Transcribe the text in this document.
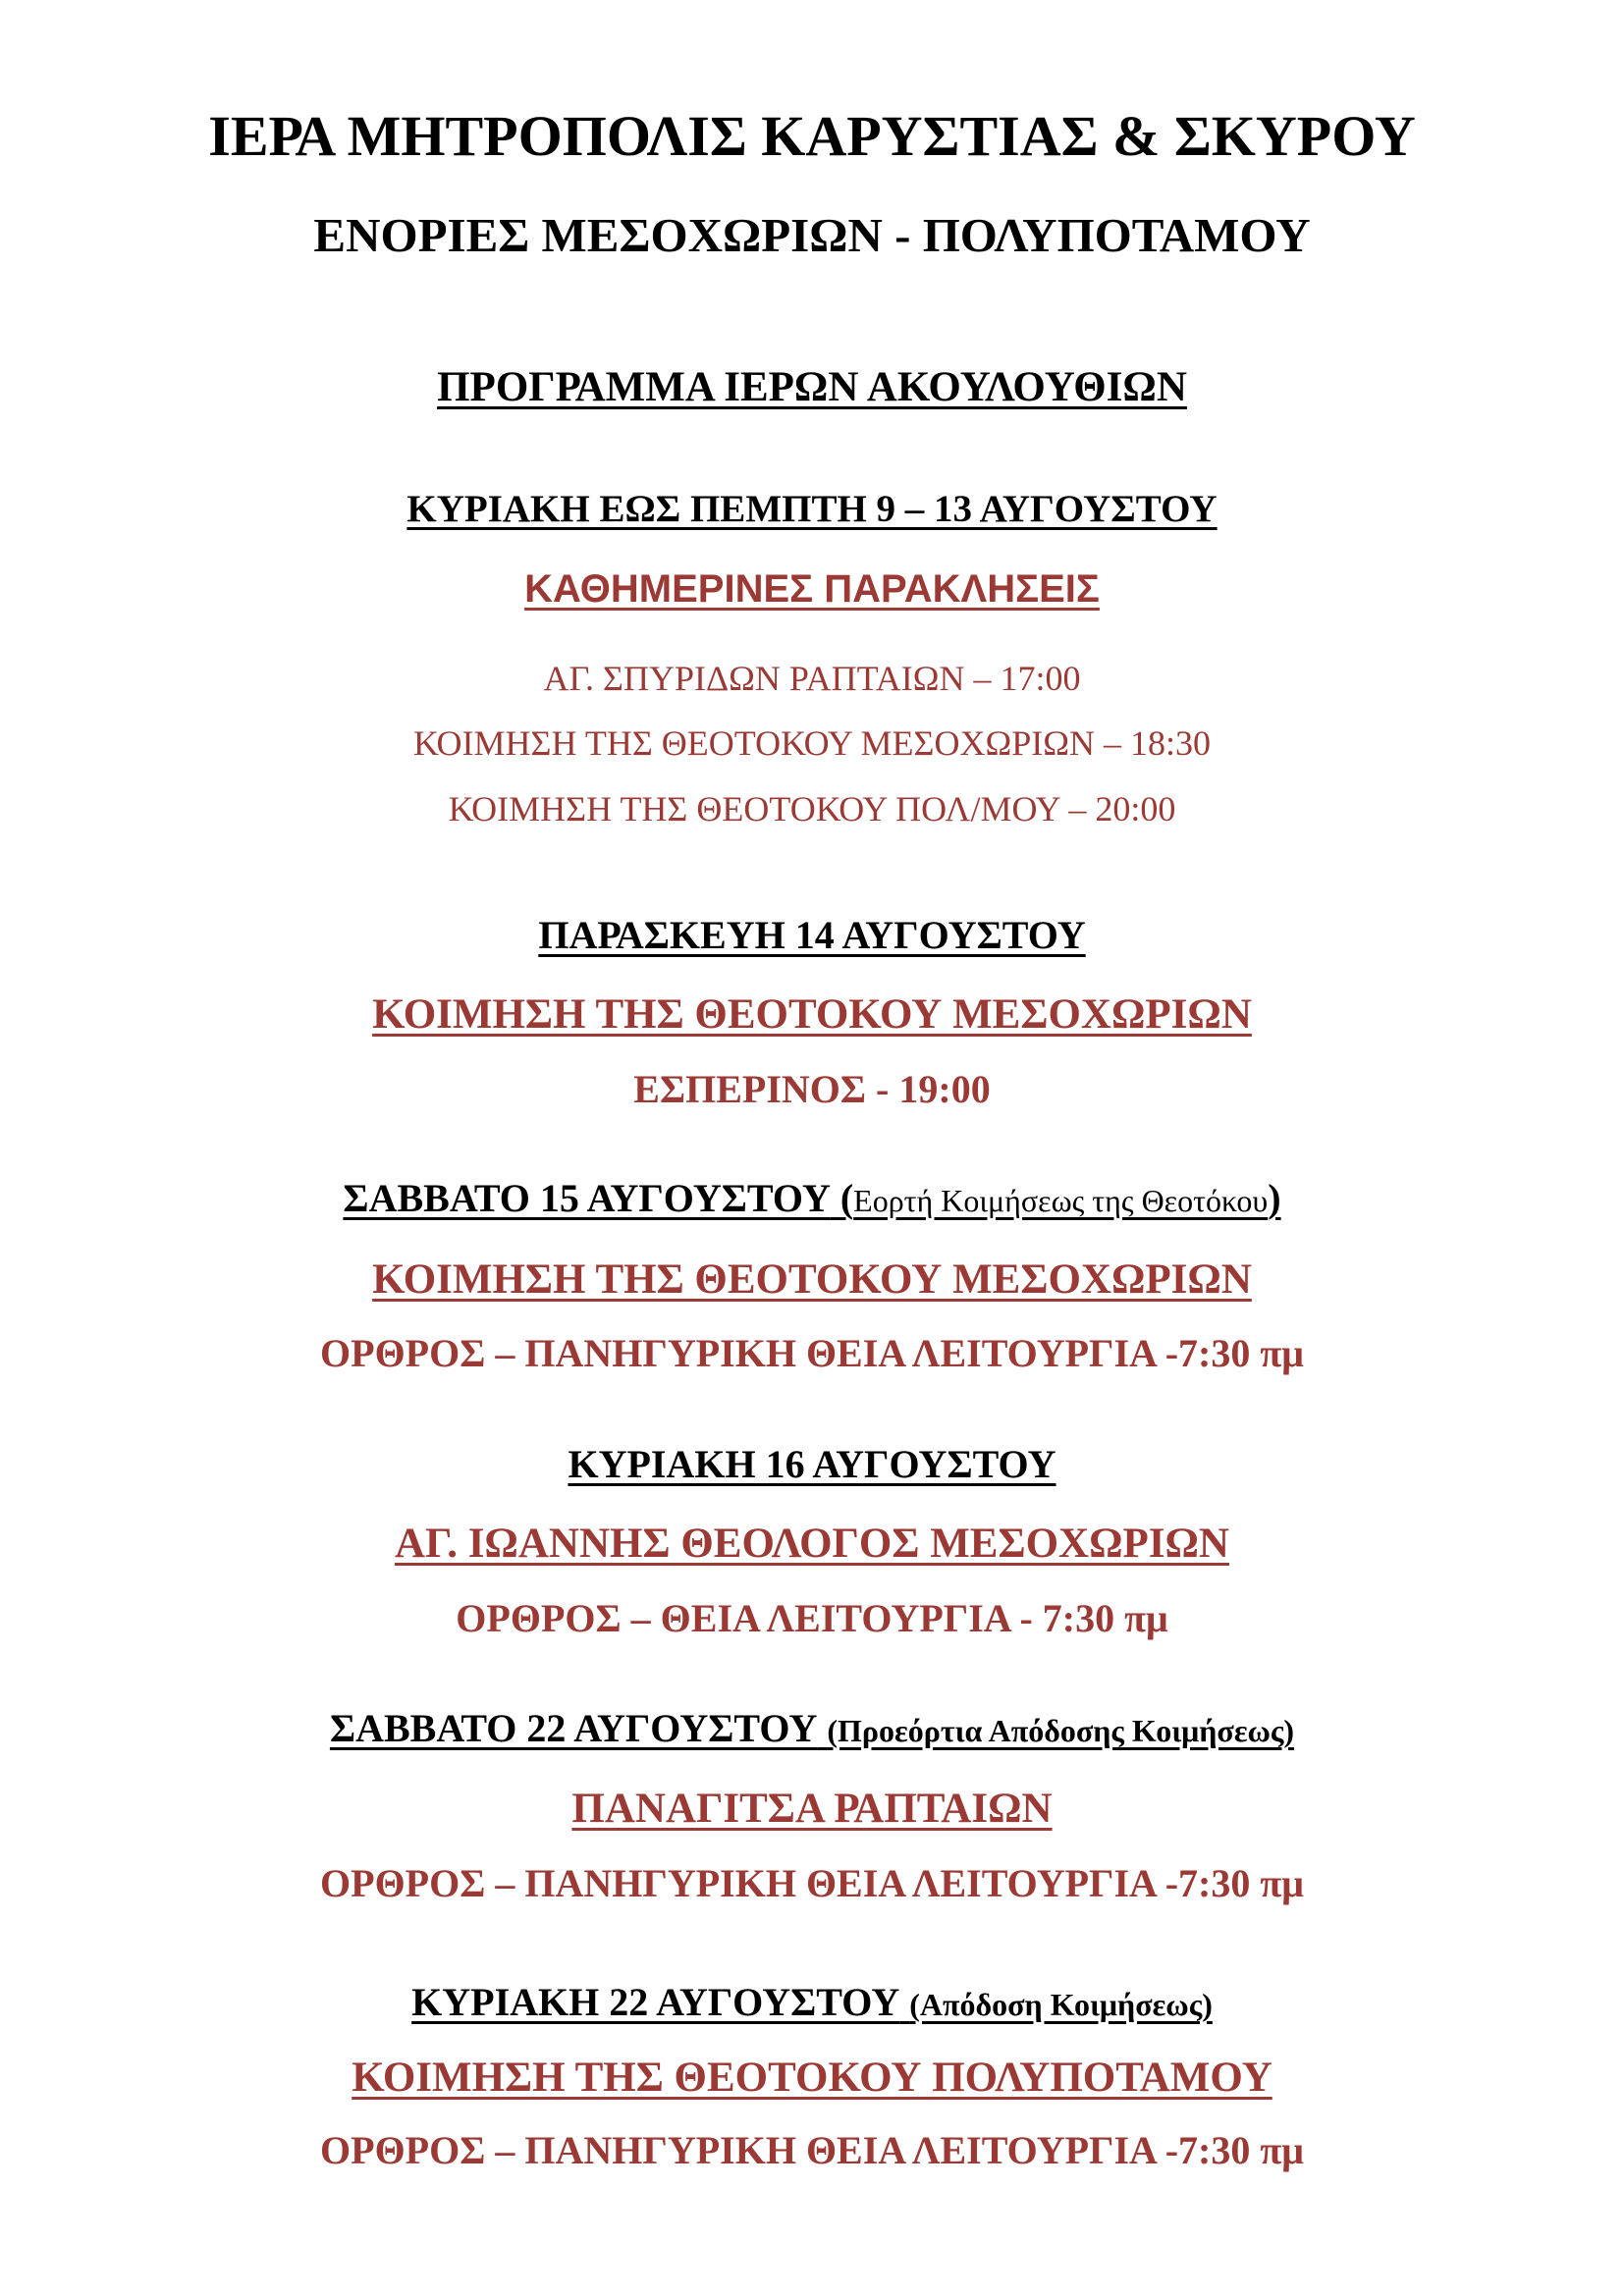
ΙΕΡΑ ΜΗΤΡΟΠΟΛΙΣ ΚΑΡΥΣΤΙΑΣ & ΣΚΥΡΟΥ
ΕΝΟΡΙΕΣ ΜΕΣΟΧΩΡΙΩΝ - ΠΟΛΥΠΟΤΑΜΟΥ
ΠΡΟΓΡΑΜΜΑ ΙΕΡΩΝ ΑΚΟΥΛΟΥΘΙΩΝ
ΚΥΡΙΑΚΗ ΕΩΣ ΠΕΜΠΤΗ 9 – 13 ΑΥΓΟΥΣΤΟΥ
ΚΑΘΗΜΕΡΙΝΕΣ ΠΑΡΑΚΛΗΣΕΙΣ
ΑΓ. ΣΠΥΡΙΔΩΝ ΡΑΠΤΑΙΩΝ – 17:00
ΚΟΙΜΗΣΗ ΤΗΣ ΘΕΟΤΟΚΟΥ ΜΕΣΟΧΩΡΙΩΝ – 18:30
ΚΟΙΜΗΣΗ ΤΗΣ ΘΕΟΤΟΚΟΥ ΠΟΛ/ΜΟΥ – 20:00
ΠΑΡΑΣΚΕΥΗ 14 ΑΥΓΟΥΣΤΟΥ
ΚΟΙΜΗΣΗ ΤΗΣ ΘΕΟΤΟΚΟΥ ΜΕΣΟΧΩΡΙΩΝ
ΕΣΠΕΡΙΝΟΣ - 19:00
ΣΑΒΒΑΤΟ 15 ΑΥΓΟΥΣΤΟΥ (Εορτή Κοιμήσεως της Θεοτόκου)
ΚΟΙΜΗΣΗ ΤΗΣ ΘΕΟΤΟΚΟΥ ΜΕΣΟΧΩΡΙΩΝ
ΟΡΘΡΟΣ – ΠΑΝΗΓΥΡΙΚΗ ΘΕΙΑ ΛΕΙΤΟΥΡΓΙΑ -7:30 πμ
ΚΥΡΙΑΚΗ 16 ΑΥΓΟΥΣΤΟΥ
ΑΓ. ΙΩΑΝΝΗΣ ΘΕΟΛΟΓΟΣ ΜΕΣΟΧΩΡΙΩΝ
ΟΡΘΡΟΣ – ΘΕΙΑ ΛΕΙΤΟΥΡΓΙΑ - 7:30 πμ
ΣΑΒΒΑΤΟ 22 ΑΥΓΟΥΣΤΟΥ (Προεόρτια Απόδοσης Κοιμήσεως)
ΠΑΝΑΓΙΤΣΑ ΡΑΠΤΑΙΩΝ
ΟΡΘΡΟΣ – ΠΑΝΗΓΥΡΙΚΗ ΘΕΙΑ ΛΕΙΤΟΥΡΓΙΑ -7:30 πμ
ΚΥΡΙΑΚΗ 22 ΑΥΓΟΥΣΤΟΥ (Απόδοση Κοιμήσεως)
ΚΟΙΜΗΣΗ ΤΗΣ ΘΕΟΤΟΚΟΥ ΠΟΛΥΠΟΤΑΜΟΥ
ΟΡΘΡΟΣ – ΠΑΝΗΓΥΡΙΚΗ ΘΕΙΑ ΛΕΙΤΟΥΡΓΙΑ -7:30 πμ
